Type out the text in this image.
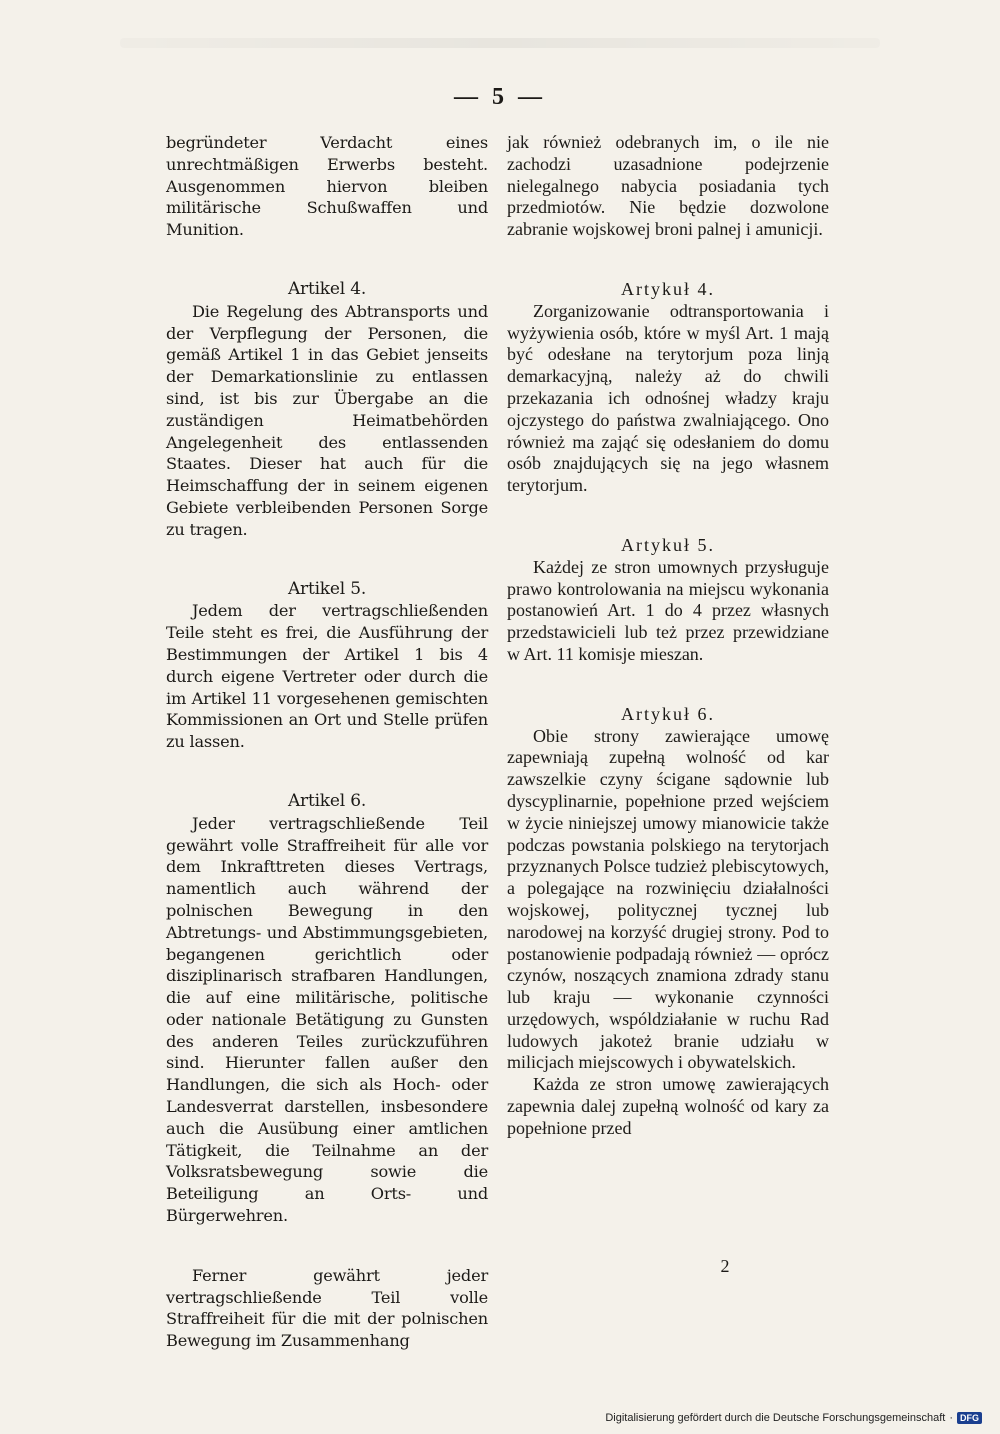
— 5 —

begründeter Verdacht eines unrechtmäßigen Erwerbs besteht. Ausgenommen hiervon bleiben militärische Schußwaffen und Munition.

Artikel 4.

Die Regelung des Abtransports und der Verpflegung der Personen, die gemäß Artikel 1 in das Gebiet jenseits der Demarkationslinie zu entlassen sind, ist bis zur Übergabe an die zuständigen Heimatbehörden Angelegenheit des entlassenden Staates. Dieser hat auch für die Heimschaffung der in seinem eigenen Gebiete verbleibenden Personen Sorge zu tragen.

Artikel 5.

Jedem der vertragschließenden Teile steht es frei, die Ausführung der Bestimmungen der Artikel 1 bis 4 durch eigene Vertreter oder durch die im Artikel 11 vorgesehenen gemischten Kommissionen an Ort und Stelle prüfen zu lassen.

Artikel 6.

Jeder vertragschließende Teil gewährt volle Straffreiheit für alle vor dem Inkrafttreten dieses Vertrags, namentlich auch während der polnischen Bewegung in den Abtretungs- und Abstimmungsgebieten, begangenen gerichtlich oder disziplinarisch strafbaren Handlungen, die auf eine militärische, politische oder nationale Betätigung zu Gunsten des anderen Teiles zurückzuführen sind. Hierunter fallen außer den Handlungen, die sich als Hoch- oder Landesverrat darstellen, insbesondere auch die Ausübung einer amtlichen Tätigkeit, die Teilnahme an der Volksratsbewegung sowie die Beteiligung an Orts- und Bürgerwehren.

Ferner gewährt jeder vertragschließende Teil volle Straffreiheit für die mit der polnischen Bewegung im Zusammenhang

jak również odebranych im, o ile nie zachodzi uzasadnione podejrzenie nielegalnego nabycia posiadania tych przedmiotów. Nie będzie dozwolone zabranie wojskowej broni palnej i amunicji.

Artykuł 4.

Zorganizowanie odtransportowania i wyżywienia osób, które w myśl Art. 1 mają być odesłane na terytorjum poza linją demarkacyjną, należy aż do chwili przekazania ich odnośnej władzy kraju ojczystego do państwa zwalniającego. Ono również ma zająć się odesłaniem do domu osób znajdujących się na jego własnem terytorjum.

Artykuł 5.

Każdej ze stron umownych przysługuje prawo kontrolowania na miejscu wykonania postanowień Art. 1 do 4 przez własnych przedstawicieli lub też przez przewidziane w Art. 11 komisje mieszan.

Artykuł 6.

Obie strony zawierające umowę zapewniają zupełną wolność od kar zawszelkie czyny ścigane sądownie lub dyscyplinarnie, popełnione przed wejściem w życie niniejszej umowy mianowicie także podczas powstania polskiego na terytorjach przyznanych Polsce tudzież plebiscytowych, a polegające na rozwinięciu działalności wojskowej, politycznej tycznej lub narodowej na korzyść drugiej strony. Pod to postanowienie podpadają również — oprócz czynów, noszących znamiona zdrady stanu lub kraju — wykonanie czynności urzędowych, wspóldziałanie w ruchu Rad ludowych jakoteż branie udziału w milicjach miejscowych i obywatelskich.

Każda ze stron umowę zawierających zapewnia dalej zupełną wolność od kary za popełnione przed

2
Digitalisierung gefördert durch die Deutsche Forschungsgemeinschaft · DFG
